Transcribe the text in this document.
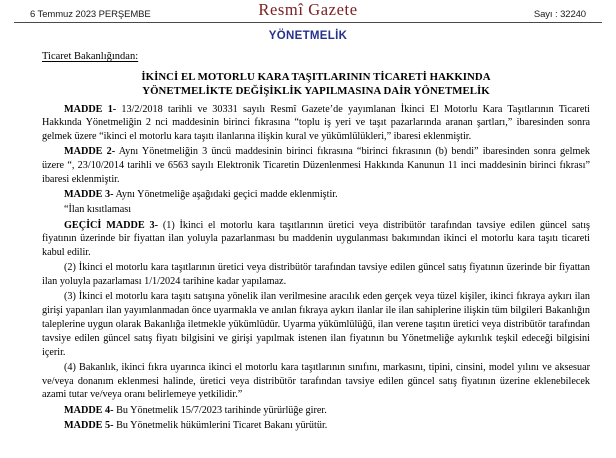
6 Temmuz 2023 PERŞEMBE	Resmî Gazete	Sayı : 32240
YÖNETMELİK
Ticaret Bakanlığından:
İKİNCİ EL MOTORLU KARA TAŞITLARININ TİCARETİ HAKKINDA
YÖNETMELİKTE DEĞİŞİKLİK YAPILMASINA DAİR YÖNETMELİK

MADDE 1- 13/2/2018 tarihli ve 30331 sayılı Resmî Gazete’de yayımlanan İkinci El Motorlu Kara Taşıtlarının Ticareti Hakkında Yönetmeliğin 2 nci maddesinin birinci fıkrasına “toplu iş yeri ve taşıt pazarlarında aranan şartları,” ibaresinden sonra gelmek üzere “ikinci el motorlu kara taşıtı ilanlarına ilişkin kural ve yükümlülükleri,” ibaresi eklenmiştir.

MADDE 2- Aynı Yönetmeliğin 3 üncü maddesinin birinci fıkrasına “birinci fıkrasının (b) bendi” ibaresinden sonra gelmek üzere “, 23/10/2014 tarihli ve 6563 sayılı Elektronik Ticaretin Düzenlenmesi Hakkında Kanunun 11 inci maddesinin birinci fıkrası” ibaresi eklenmiştir.

MADDE 3- Aynı Yönetmeliğe aşağıdaki geçici madde eklenmiştir.

“İlan kısıtlaması

GEÇİCİ MADDE 3- (1) İkinci el motorlu kara taşıtlarının üretici veya distribütör tarafından tavsiye edilen güncel satış fiyatının üzerinde bir fiyattan ilan yoluyla pazarlanması bu maddenin uygulanması bakımından ikinci el motorlu kara taşıtı ticareti kabul edilir.

(2) İkinci el motorlu kara taşıtlarının üretici veya distribütör tarafından tavsiye edilen güncel satış fiyatının üzerinde bir fiyattan ilan yoluyla pazarlaması 1/1/2024 tarihine kadar yapılamaz.

(3) İkinci el motorlu kara taşıtı satışına yönelik ilan verilmesine aracılık eden gerçek veya tüzel kişiler, ikinci fıkraya aykırı ilan girişi yapanları ilan yayımlanmadan önce uyarmakla ve anılan fıkraya aykırı ilanlar ile ilan sahiplerine ilişkin tüm bilgileri Bakanlığın taleplerine uygun olarak Bakanlığa iletmekle yükümlüdür. Uyarma yükümlülüğü, ilan verene taşıtın üretici veya distribütör tarafından tavsiye edilen güncel satış fiyatı bilgisini ve girişi yapılmak istenen ilan fiyatının bu Yönetmeliğe aykırılık teşkil edeceği bilgisini içerir.

(4) Bakanlık, ikinci fıkra uyarınca ikinci el motorlu kara taşıtlarının sınıfını, markasını, tipini, cinsini, model yılını ve aksesuar ve/veya donanım eklenmesi halinde, üretici veya distribütör tarafından tavsiye edilen güncel satış fiyatının üzerine eklenebilecek azami tutar ve/veya oranı belirlemeye yetkilidir.”

MADDE 4- Bu Yönetmelik 15/7/2023 tarihinde yürürlüğe girer.

MADDE 5- Bu Yönetmelik hükümlerini Ticaret Bakanı yürütür.
